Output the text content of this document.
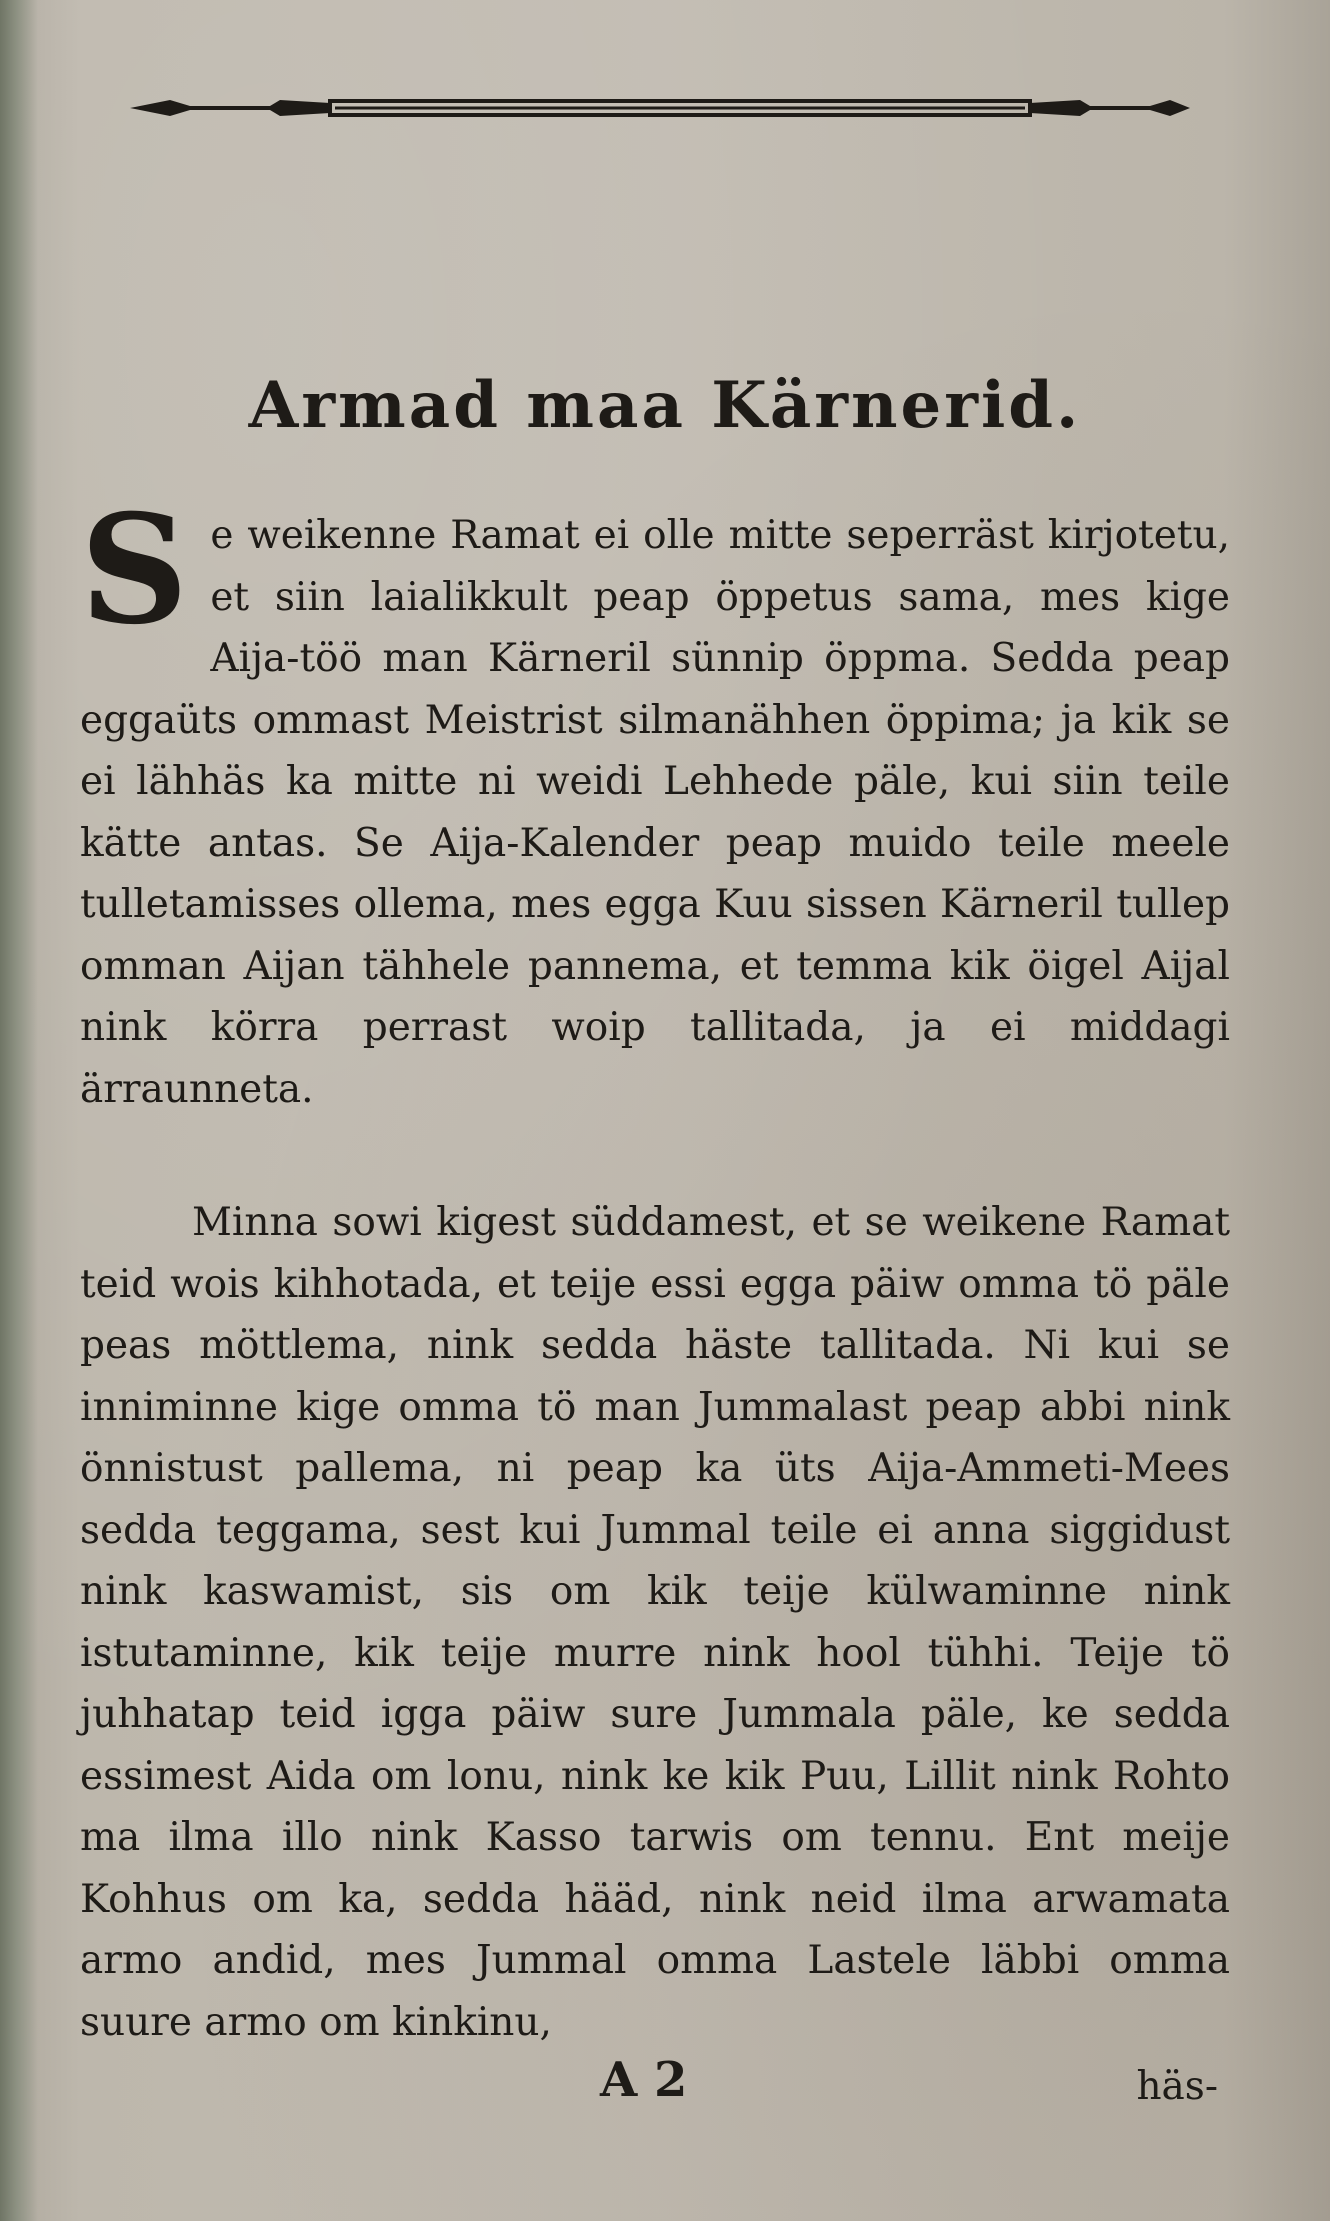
Armad maa Kärnerid.

Se weikenne Ramat ei olle mitte seperräst kirjotetu, et siin laialikkult peap öppetus sama, mes kige Aija-töö man Kärneril sünnip öppma. Sedda peap eggaüts ommast Meistrist silmanähhen öppima; ja kik se ei lähhäs ka mitte ni weidi Lehhede päle, kui siin teile kätte antas. Se Aija-Kalender peap muido teile meele tulletamisses ollema, mes egga Kuu sissen Kärneril tullep omman Aijan tähhele pannema, et temma kik öigel Aijal nink körra perrast woip tallitada, ja ei middagi ärraunneta.

Minna sowi kigest süddamest, et se weikene Ramat teid wois kihhotada, et teije essi egga päiw omma tö päle peas möttlema, nink sedda häste tallitada. Ni kui se inniminne kige omma tö man Jummalast peap abbi nink önnistust pallema, ni peap ka üts Aija-Ammeti-Mees sedda teggama, sest kui Jummal teile ei anna siggidust nink kaswamist, sis om kik teije külwaminne nink istutaminne, kik teije murre nink hool tühhi. Teije tö juhhatap teid igga päiw sure Jummala päle, ke sedda essimest Aida om lonu, nink ke kik Puu, Lillit nink Rohto ma ilma illo nink Kasso tarwis om tennu. Ent meije Kohhus om ka, sedda hääd, nink neid ilma arwamata armo andid, mes Jummal omma Lastele läbbi omma suure armo om kinkinu,

A 2	häs-
